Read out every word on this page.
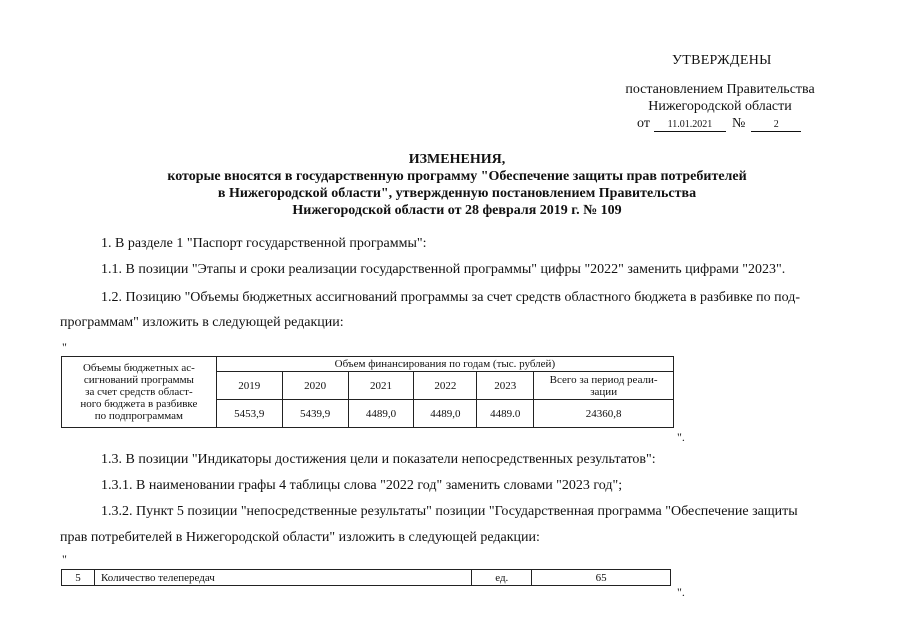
УТВЕРЖДЕНЫ
постановлением Правительства
Нижегородской области
от 11.01.2021 №	2
ИЗМЕНЕНИЯ,
которые вносятся в государственную программу "Обеспечение защиты прав потребителей
в Нижегородской области", утвержденную постановлением Правительства
Нижегородской области от 28 февраля 2019 г. № 109
1. В разделе 1 "Паспорт государственной программы":
1.1. В позиции "Этапы и сроки реализации государственной программы" цифры "2022" заменить цифрами "2023".
1.2. Позицию "Объемы бюджетных ассигнований программы за счет средств областного бюджета в разбивке по под-
программам" изложить в следующей редакции:
"
Объемы бюджетных ас-
сигнований программы
за счет средств област-
ного бюджета в разбивке
по подпрограммам	Объем финансирования по годам (тыс. рублей)					
	2019	2020	2021	2022	2023	Всего за период реали-
зации

	5453,9	5439,9	4489,0	4489,0	4489.0	24360,8
".
1.3. В позиции "Индикаторы достижения цели и показатели непосредственных результатов":
1.3.1. В наименовании графы 4 таблицы слова "2022 год" заменить словами "2023 год";
1.3.2. Пункт 5 позиции "непосредственные результаты" позиции "Государственная программа "Обеспечение защиты
прав потребителей в Нижегородской области" изложить в следующей редакции:
"
5	Количество телепередач	ед.	65
".
